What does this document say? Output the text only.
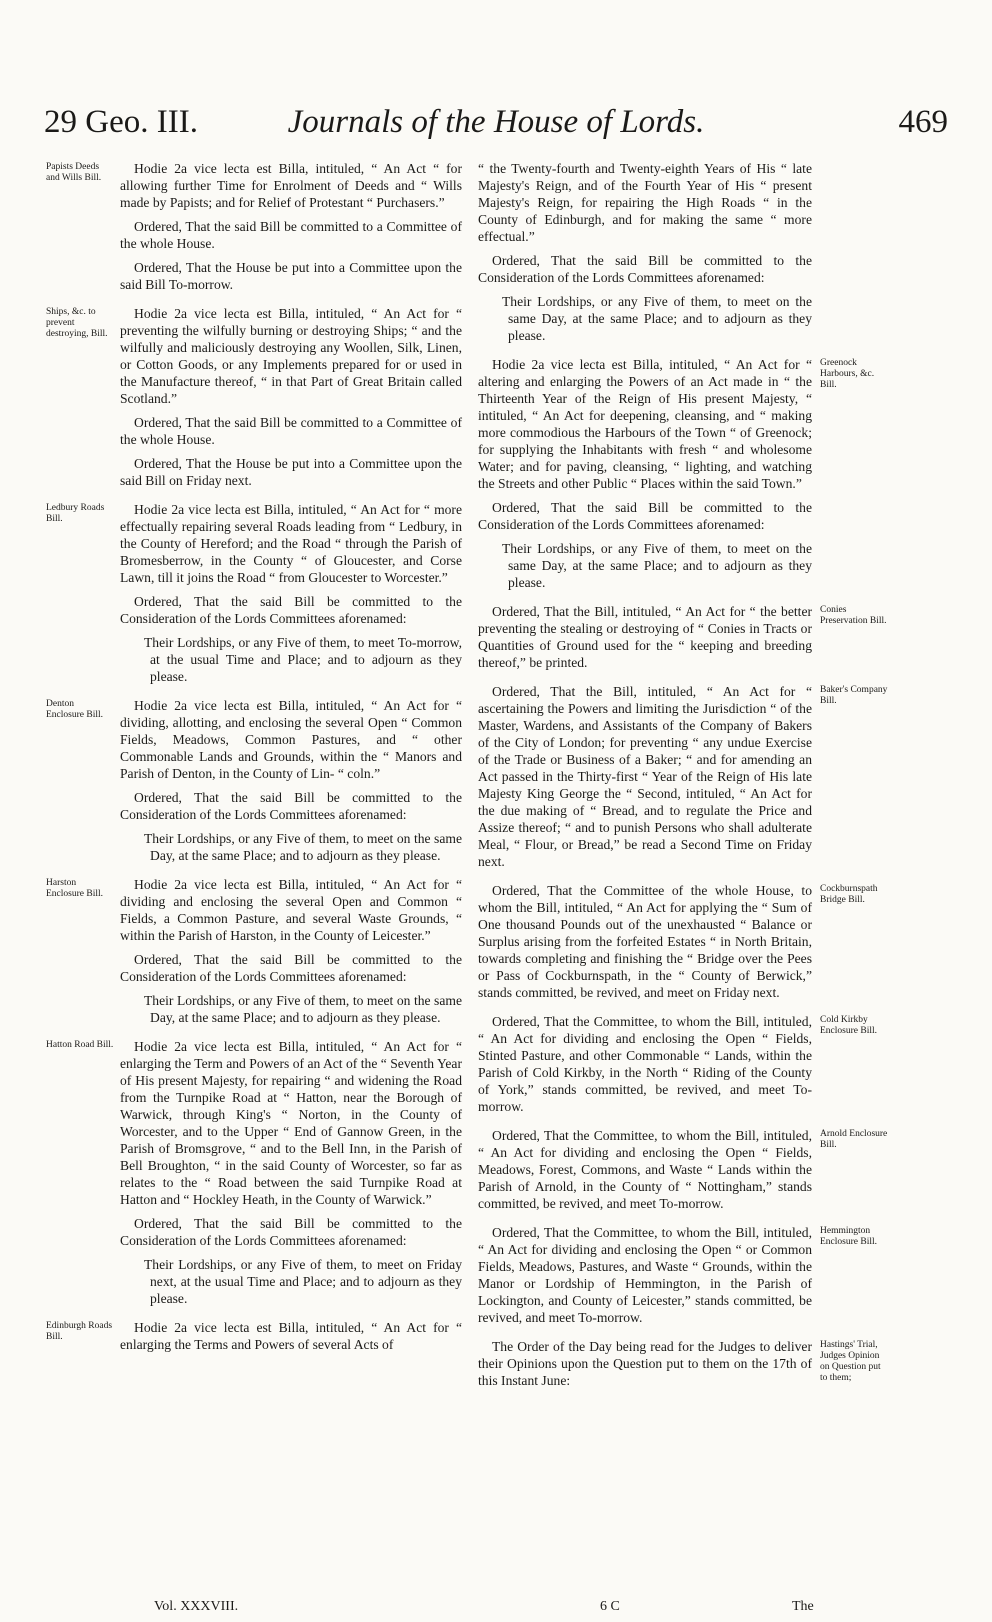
29 Geo. III.	Journals of the House of Lords.	469
Papists Deeds and Wills Bill.

Hodie 2a vice lecta est Billa, intituled, “ An Act “ for allowing further Time for Enrolment of Deeds and “ Wills made by Papists; and for Relief of Protestant “ Purchasers.”

Ordered, That the said Bill be committed to a Committee of the whole House.

Ordered, That the House be put into a Committee upon the said Bill To-morrow.

Ships, &c. to prevent destroying, Bill.

Hodie 2a vice lecta est Billa, intituled, “ An Act for “ preventing the wilfully burning or destroying Ships; “ and the wilfully and maliciously destroying any Woollen, Silk, Linen, or Cotton Goods, or any Implements prepared for or used in the Manufacture thereof, “ in that Part of Great Britain called Scotland.”

Ordered, That the said Bill be committed to a Committee of the whole House.

Ordered, That the House be put into a Committee upon the said Bill on Friday next.

Ledbury Roads Bill.

Hodie 2a vice lecta est Billa, intituled, “ An Act for “ more effectually repairing several Roads leading from “ Ledbury, in the County of Hereford; and the Road “ through the Parish of Bromesberrow, in the County “ of Gloucester, and Corse Lawn, till it joins the Road “ from Gloucester to Worcester.”

Ordered, That the said Bill be committed to the Consideration of the Lords Committees aforenamed:

Their Lordships, or any Five of them, to meet To-morrow, at the usual Time and Place; and to adjourn as they please.

Denton Enclosure Bill.

Hodie 2a vice lecta est Billa, intituled, “ An Act for “ dividing, allotting, and enclosing the several Open “ Common Fields, Meadows, Common Pastures, and “ other Commonable Lands and Grounds, within the “ Manors and Parish of Denton, in the County of Lin- “ coln.”

Ordered, That the said Bill be committed to the Consideration of the Lords Committees aforenamed:

Their Lordships, or any Five of them, to meet on the same Day, at the same Place; and to adjourn as they please.

Harston Enclosure Bill.

Hodie 2a vice lecta est Billa, intituled, “ An Act for “ dividing and enclosing the several Open and Common “ Fields, a Common Pasture, and several Waste Grounds, “ within the Parish of Harston, in the County of Leicester.”

Ordered, That the said Bill be committed to the Consideration of the Lords Committees aforenamed:

Their Lordships, or any Five of them, to meet on the same Day, at the same Place; and to adjourn as they please.

Hatton Road Bill.	Hodie 2a vice lecta est Billa, intituled, “ An Act for “ enlarging the Term and Powers of an Act of the “ Seventh Year of His present Majesty, for repairing “ and widening the Road from the Turnpike Road at “ Hatton, near the Borough of Warwick, through King's “ Norton, in the County of Worcester, and to the Upper “ End of Gannow Green, in the Parish of Bromsgrove, “ and to the Bell Inn, in the Parish of Bell Broughton, “ in the said County of Worcester, so far as relates to the “ Road between the said Turnpike Road at Hatton and “ Hockley Heath, in the County of Warwick.”

Ordered, That the said Bill be committed to the Consideration of the Lords Committees aforenamed:

Their Lordships, or any Five of them, to meet on Friday next, at the usual Time and Place; and to adjourn as they please.

Edinburgh Roads Bill.

Hodie 2a vice lecta est Billa, intituled, “ An Act for “ enlarging the Terms and Powers of several Acts of

“ the Twenty-fourth and Twenty-eighth Years of His “ late Majesty's Reign, and of the Fourth Year of His “ present Majesty's Reign, for repairing the High Roads “ in the County of Edinburgh, and for making the same “ more effectual.”

Ordered, That the said Bill be committed to the Consideration of the Lords Committees aforenamed:

Their Lordships, or any Five of them, to meet on the same Day, at the same Place; and to adjourn as they please.

Greenock Harbours, &c. Bill.

Hodie 2a vice lecta est Billa, intituled, “ An Act for “ altering and enlarging the Powers of an Act made in “ the Thirteenth Year of the Reign of His present Majesty, “ intituled, “ An Act for deepening, cleansing, and “ making more commodious the Harbours of the Town “ of Greenock; for supplying the Inhabitants with fresh “ and wholesome Water; and for paving, cleansing, “ lighting, and watching the Streets and other Public “ Places within the said Town.”

Ordered, That the said Bill be committed to the Consideration of the Lords Committees aforenamed:

Their Lordships, or any Five of them, to meet on the same Day, at the same Place; and to adjourn as they please.

Conies Preservation Bill.

Ordered, That the Bill, intituled, “ An Act for “ the better preventing the stealing or destroying of “ Conies in Tracts or Quantities of Ground used for the “ keeping and breeding thereof,” be printed.

Baker's Company Bill.

Ordered, That the Bill, intituled, “ An Act for “ ascertaining the Powers and limiting the Jurisdiction “ of the Master, Wardens, and Assistants of the Company of Bakers of the City of London; for preventing “ any undue Exercise of the Trade or Business of a Baker; “ and for amending an Act passed in the Thirty-first “ Year of the Reign of His late Majesty King George the “ Second, intituled, “ An Act for the due making of “ Bread, and to regulate the Price and Assize thereof; “ and to punish Persons who shall adulterate Meal, “ Flour, or Bread,” be read a Second Time on Friday next.

Cockburnspath Bridge Bill.

Ordered, That the Committee of the whole House, to whom the Bill, intituled, “ An Act for applying the “ Sum of One thousand Pounds out of the unexhausted “ Balance or Surplus arising from the forfeited Estates “ in North Britain, towards completing and finishing the “ Bridge over the Pees or Pass of Cockburnspath, in the “ County of Berwick,” stands committed, be revived, and meet on Friday next.

Cold Kirkby Enclosure Bill.

Ordered, That the Committee, to whom the Bill, intituled, “ An Act for dividing and enclosing the Open “ Fields, Stinted Pasture, and other Commonable “ Lands, within the Parish of Cold Kirkby, in the North “ Riding of the County of York,” stands committed, be revived, and meet To-morrow.

Arnold Enclosure Bill.

Ordered, That the Committee, to whom the Bill, intituled, “ An Act for dividing and enclosing the Open “ Fields, Meadows, Forest, Commons, and Waste “ Lands within the Parish of Arnold, in the County of “ Nottingham,” stands committed, be revived, and meet To-morrow.

Hemmington Enclosure Bill.

Ordered, That the Committee, to whom the Bill, intituled, “ An Act for dividing and enclosing the Open “ or Common Fields, Meadows, Pastures, and Waste “ Grounds, within the Manor or Lordship of Hemmington, in the Parish of Lockington, and County of Leicester,” stands committed, be revived, and meet To-morrow.

Hastings' Trial, Judges Opinion on Question put to them;

The Order of the Day being read for the Judges to deliver their Opinions upon the Question put to them on the 17th of this Instant June:

Vol. XXXVIII.	6 C	The
